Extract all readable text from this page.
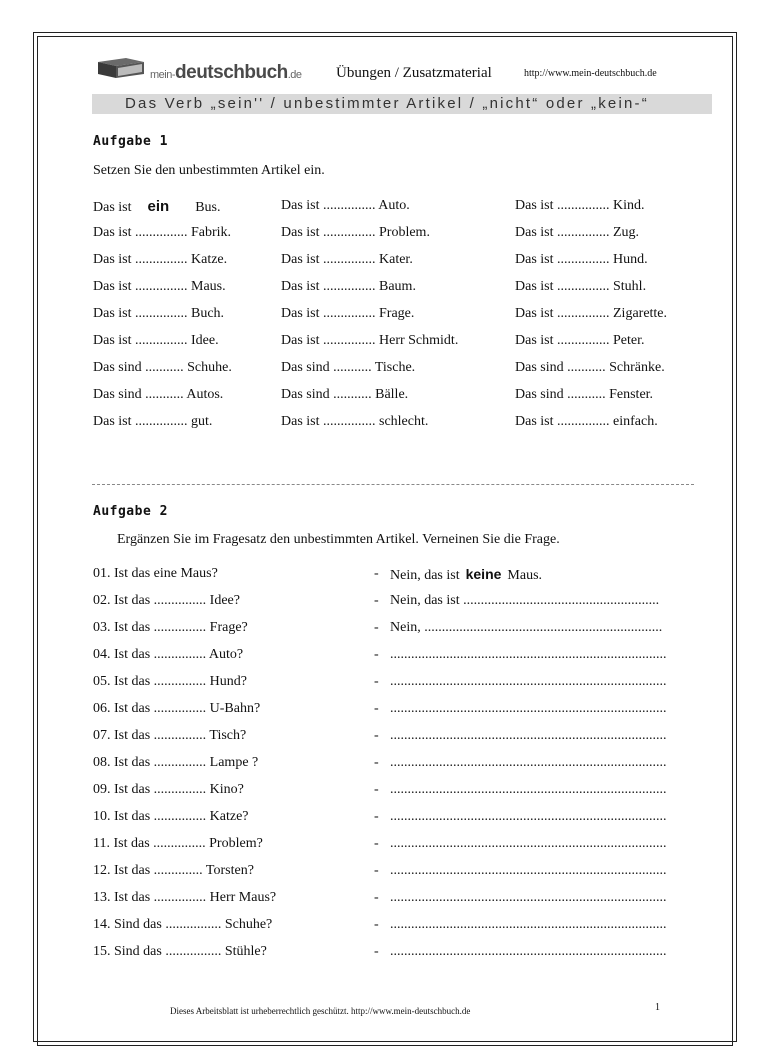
mein-deutschbuch.de Übungen / Zusatzmaterial	http://www.mein-deutschbuch.de
Das Verb „sein'' / unbestimmter Artikel / „nicht“ oder „kein-“
Aufgabe 1
Setzen Sie den unbestimmten Artikel ein.
Das ist ein Bus.	Das ist ............... Auto.	Das ist ............... Kind.
Das ist ............... Fabrik.	Das ist ............... Problem.	Das ist ............... Zug.
Das ist ............... Katze.	Das ist ............... Kater.	Das ist ............... Hund.
Das ist ............... Maus.	Das ist ............... Baum.	Das ist ............... Stuhl.
Das ist ............... Buch.	Das ist ............... Frage.	Das ist ............... Zigarette.
Das ist ............... Idee.	Das ist ............... Herr Schmidt.	Das ist ............... Peter.
Das sind ........... Schuhe.	Das sind ........... Tische.	Das sind ........... Schränke.
Das sind ........... Autos.	Das sind ........... Bälle.	Das sind ........... Fenster.
Das ist ............... gut.	Das ist ............... schlecht.	Das ist ............... einfach.
Aufgabe 2
Ergänzen Sie im Fragesatz den unbestimmten Artikel. Verneinen Sie die Frage.
01. Ist das eine Maus?	- Nein, das ist keine Maus.
02. Ist das ............... Idee?	- Nein, das ist ........................................................
03. Ist das ............... Frage?	- Nein, ....................................................................
04. Ist das ............... Auto?	- ...............................................................................
05. Ist das ............... Hund?	- ...............................................................................
06. Ist das ............... U-Bahn?	- ...............................................................................
07. Ist das ............... Tisch?	- ...............................................................................
08. Ist das ............... Lampe ?	- ...............................................................................
09. Ist das ............... Kino?	- ...............................................................................
10. Ist das ............... Katze?	- ...............................................................................
11. Ist das ............... Problem?	- ...............................................................................
12. Ist das .............. Torsten?	- ...............................................................................
13. Ist das ............... Herr Maus?	- ...............................................................................
14. Sind das ................ Schuhe?	- ...............................................................................
15. Sind das ................ Stühle?	- ...............................................................................
Dieses Arbeitsblatt ist urheberrechtlich geschützt. http://www.mein-deutschbuch.de	1
